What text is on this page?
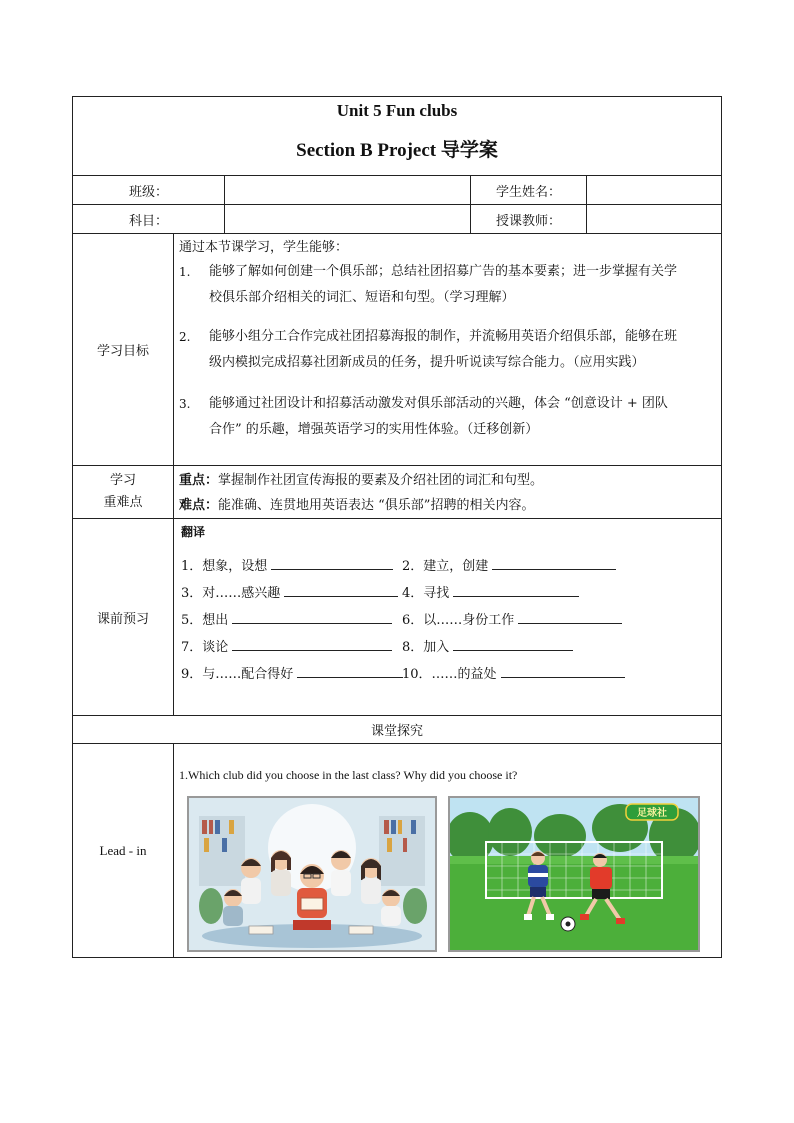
Unit 5 Fun clubs
Section B Project 导学案
班级：	学生姓名：
科目：	授课教师：
学习目标
通过本节课学习，学生能够：
1.	能够了解如何创建一个俱乐部；总结社团招募广告的基本要素；进一步掌握有关学
校俱乐部介绍相关的词汇、短语和句型。（学习理解）
2.	能够小组分工合作完成社团招募海报的制作，并流畅用英语介绍俱乐部，能够在班
级内模拟完成招募社团新成员的任务，提升听说读写综合能力。（应用实践）
3.	能够通过社团设计和招募活动激发对俱乐部活动的兴趣，体会 “创意设计 + 团队
合作” 的乐趣，增强英语学习的实用性体验。（迁移创新）
学习
重难点
重点：掌握制作社团宣传海报的要素及介绍社团的词汇和句型。
难点：能准确、连贯地用英语表达 “俱乐部”招聘的相关内容。
课前预习
翻译
1．想象，设想	2．建立，创建
3．对……感兴趣	4．寻找
5．想出	6．以……身份工作
7．谈论	8．加入
9．与……配合得好	10．……的益处
课堂探究
Lead - in
1.Which club did you choose in the last class? Why did you choose it?
足球社
